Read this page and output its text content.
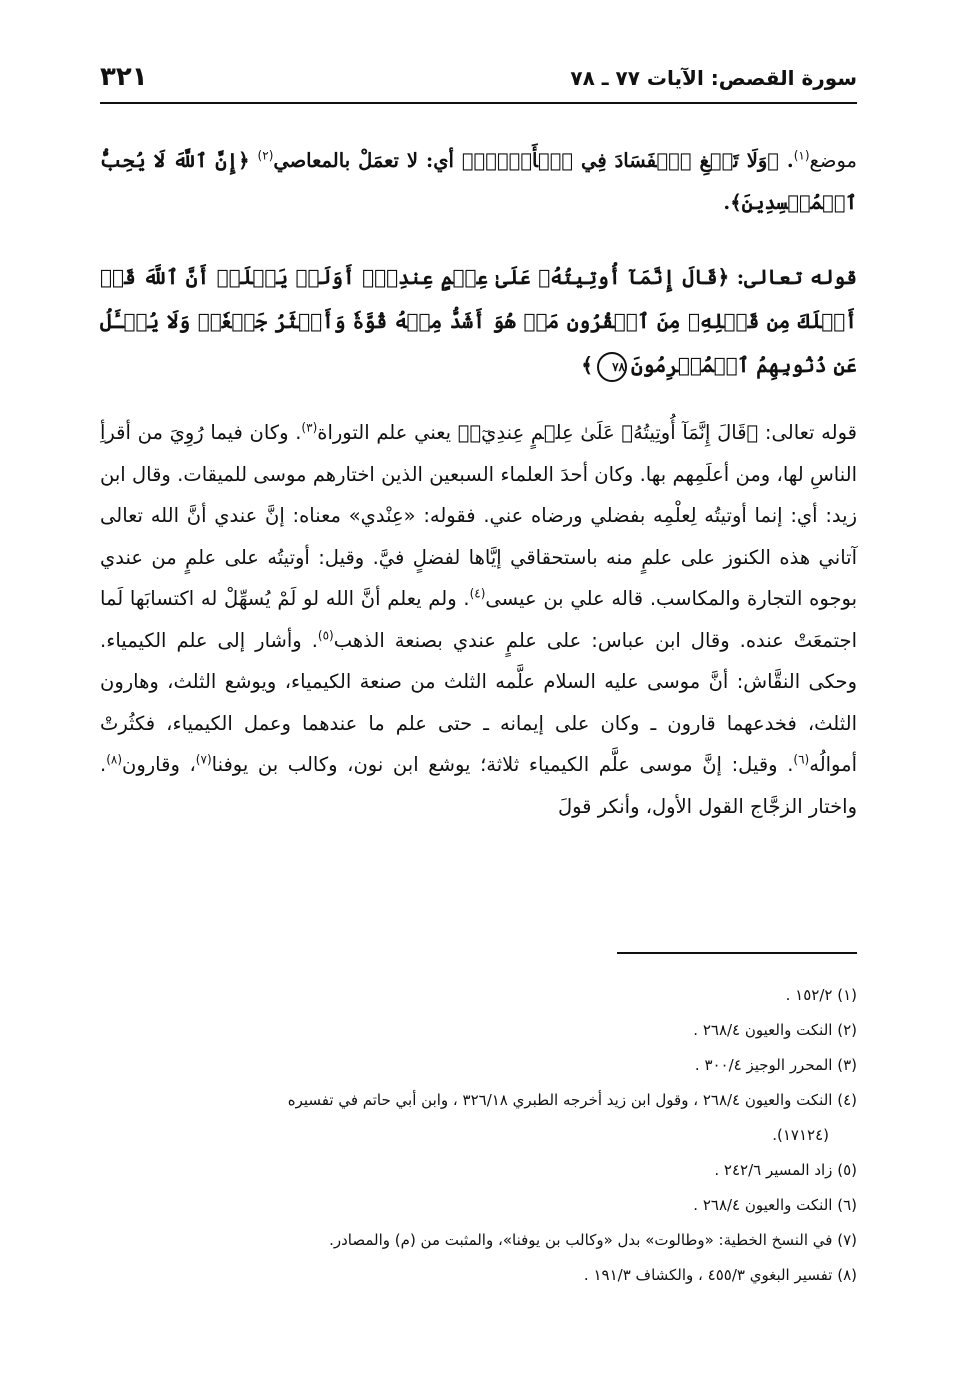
سورة القصص: الآيات ٧٧ ـ ٧٨
٣٢١

موضع$^{(١)}$. ﴿وَلَا تَبۡغِ ٱلۡفَسَادَ فِي ٱلۡأَرۡضِۖ﴾ أي: لا تعمَلْ بالمعاصي$^{(٢)}$ ﴿إِنَّ ٱللَّهَ لَا يُحِبُّ ٱلۡمُفۡسِدِينَ﴾.

قوله تعالى: ﴿قَالَ إِنَّمَآ أُوتِيتُهُۥ عَلَىٰ عِلۡمٍ عِندِيٓۚ أَوَلَمۡ يَعۡلَمۡ أَنَّ ٱللَّهَ قَدۡ أَهۡلَكَ مِن قَبۡلِهِۦ مِنَ ٱلۡقُرُونِ مَنۡ هُوَ أَشَدُّ مِنۡهُ قُوَّةٗ وَأَكۡثَرُ جَمۡعٗاۚ وَلَا يُسۡـَٔلُ عَن ذُنُوبِهِمُ ٱلۡمُجۡرِمُونَ٧٨﴾

قوله تعالى: ﴿قَالَ إِنَّمَآ أُوتِيتُهُۥ عَلَىٰ عِلۡمٍ عِندِيٓۚ﴾ يعني علم التوراة$^{(٣)}$. وكان فيما رُوِيَ من أقرأِ الناسِ لها، ومن أعلَمِهم بها. وكان أحدَ العلماء السبعين الذين اختارهم موسى للميقات. وقال ابن زيد: أي: إنما أوتيتُه لِعلْمِه بفضلي ورضاه عني. فقوله: «عِنْدي» معناه: إنَّ عندي أنَّ الله تعالى آتاني هذه الكنوز على علمٍ منه باستحقاقي إيَّاها لفضلٍ فيَّ. وقيل: أوتيتُه على علمٍ من عندي بوجوه التجارة والمكاسب. قاله علي بن عيسى$^{(٤)}$. ولم يعلم أنَّ الله لو لَمْ يُسهِّلْ له اكتسابَها لَما اجتمعَتْ عنده. وقال ابن عباس: على علمٍ عندي بصنعة الذهب$^{(٥)}$. وأشار إلى علم الكيمياء. وحكى النقَّاش: أنَّ موسى عليه السلام علَّمه الثلث من صنعة الكيمياء، ويوشع الثلث، وهارون الثلث، فخدعهما قارون ـ وكان على إيمانه ـ حتى علم ما عندهما وعمل الكيمياء، فكثُرتْ أموالُه$^{(٦)}$. وقيل: إنَّ موسى علَّم الكيمياء ثلاثة؛ يوشع ابن نون، وكالب بن يوفنا$^{(٧)}$، وقارون$^{(٨)}$. واختار الزجَّاج القول الأول، وأنكر قولَ

(١) ١٥٢/٢ .

(٢) النكت والعيون ٢٦٨/٤ .

(٣) المحرر الوجيز ٣٠٠/٤ .

(٤) النكت والعيون ٢٦٨/٤ ، وقول ابن زيد أخرجه الطبري ٣٢٦/١٨ ، وابن أبي حاتم في تفسيره

(١٧١٢٤).

(٥) زاد المسير ٢٤٢/٦ .

(٦) النكت والعيون ٢٦٨/٤ .

(٧) في النسخ الخطية: «وطالوت» بدل «وكالب بن يوفنا»، والمثبت من (م) والمصادر.

(٨) تفسير البغوي ٤٥٥/٣ ، والكشاف ١٩١/٣ .
